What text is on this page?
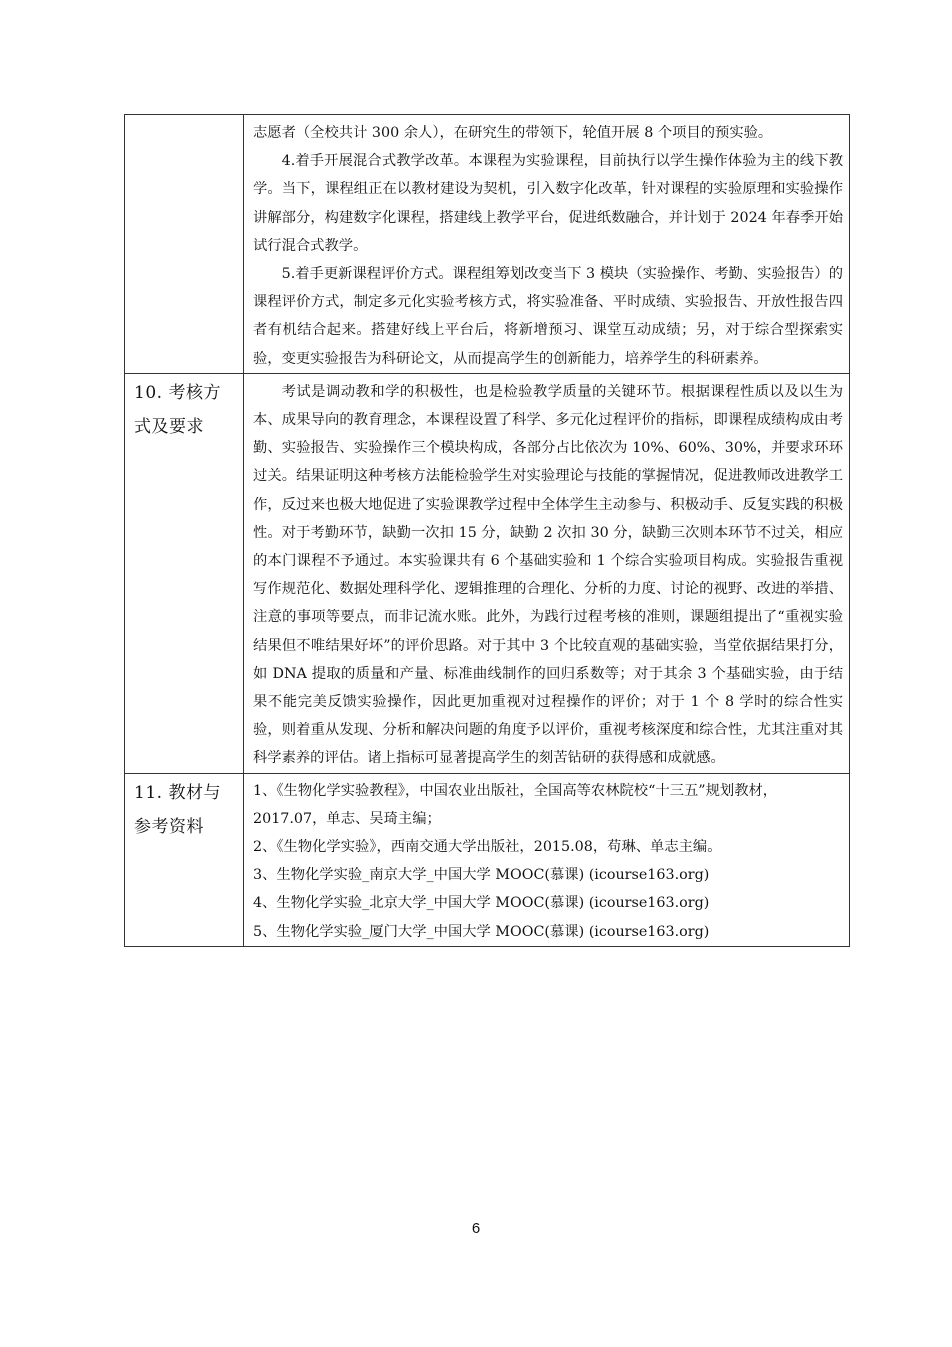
	志愿者（全校共计 300 余人），在研究生的带领下，轮值开展 8 个项目的预实验。

4.着手开展混合式教学改革。本课程为实验课程，目前执行以学生操作体验为主的线下教学。当下，课程组正在以教材建设为契机，引入数字化改革，针对课程的实验原理和实验操作讲解部分，构建数字化课程，搭建线上教学平台，促进纸数融合，并计划于 2024 年春季开始试行混合式教学。

5.着手更新课程评价方式。课程组筹划改变当下 3 模块（实验操作、考勤、实验报告）的课程评价方式，制定多元化实验考核方式，将实验准备、平时成绩、实验报告、开放性报告四者有机结合起来。搭建好线上平台后，将新增预习、课堂互动成绩；另，对于综合型探索实验，变更实验报告为科研论文，从而提高学生的创新能力，培养学生的科研素养。

10. 考核方式及要求	考试是调动教和学的积极性，也是检验教学质量的关键环节。根据课程性质以及以生为本、成果导向的教育理念，本课程设置了科学、多元化过程评价的指标，即课程成绩构成由考勤、实验报告、实验操作三个模块构成，各部分占比依次为 10%、60%、30%，并要求环环过关。结果证明这种考核方法能检验学生对实验理论与技能的掌握情况，促进教师改进教学工作，反过来也极大地促进了实验课教学过程中全体学生主动参与、积极动手、反复实践的积极性。对于考勤环节，缺勤一次扣 15 分，缺勤 2 次扣 30 分，缺勤三次则本环节不过关，相应的本门课程不予通过。本实验课共有 6 个基础实验和 1 个综合实验项目构成。实验报告重视写作规范化、数据处理科学化、逻辑推理的合理化、分析的力度、讨论的视野、改进的举措、注意的事项等要点，而非记流水账。此外，为践行过程考核的准则，课题组提出了“重视实验结果但不唯结果好坏”的评价思路。对于其中 3 个比较直观的基础实验，当堂依据结果打分，如 DNA 提取的质量和产量、标准曲线制作的回归系数等；对于其余 3 个基础实验，由于结果不能完美反馈实验操作，因此更加重视对过程操作的评价；对于 1 个 8 学时的综合性实验，则着重从发现、分析和解决问题的角度予以评价，重视考核深度和综合性，尤其注重对其科学素养的评估。诸上指标可显著提高学生的刻苦钻研的获得感和成就感。

11. 教材与参考资料	1、《生物化学实验教程》，中国农业出版社，全国高等农林院校“十三五”规划教材，2017.07，单志、吴琦主编；
2、《生物化学实验》，西南交通大学出版社，2015.08，苟琳、单志主编。
3、生物化学实验_南京大学_中国大学 MOOC(慕课) (icourse163.org)
4、生物化学实验_北京大学_中国大学 MOOC(慕课) (icourse163.org)
5、生物化学实验_厦门大学_中国大学 MOOC(慕课) (icourse163.org)
6
